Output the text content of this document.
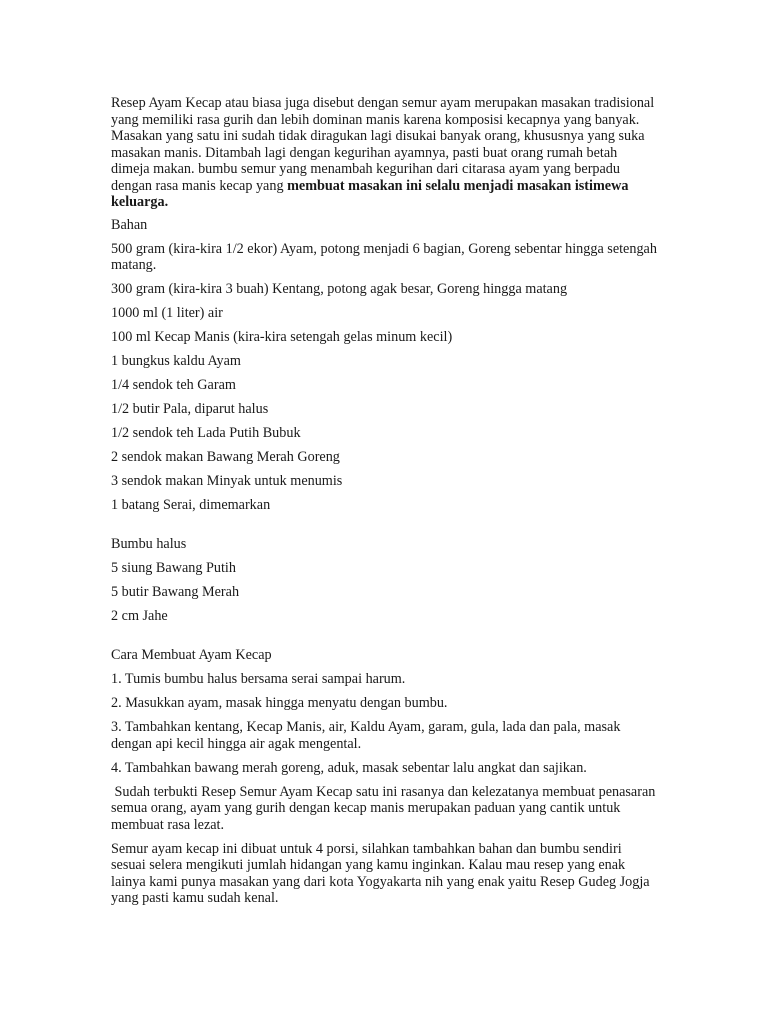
Resep Ayam Kecap atau biasa juga disebut dengan semur ayam merupakan masakan tradisional yang memiliki rasa gurih dan lebih dominan manis karena komposisi kecapnya yang banyak. Masakan yang satu ini sudah tidak diragukan lagi disukai banyak orang, khususnya yang suka masakan manis. Ditambah lagi dengan kegurihan ayamnya, pasti buat orang rumah betah dimeja makan. bumbu semur yang menambah kegurihan dari citarasa ayam yang berpadu dengan rasa manis kecap yang membuat masakan ini selalu menjadi masakan istimewa keluarga.

Bahan

500 gram (kira-kira 1/2 ekor) Ayam, potong menjadi 6 bagian, Goreng sebentar hingga setengah matang.

300 gram (kira-kira 3 buah) Kentang, potong agak besar, Goreng hingga matang

1000 ml (1 liter) air

100 ml Kecap Manis (kira-kira setengah gelas minum kecil)

1 bungkus kaldu Ayam

1/4 sendok teh Garam

1/2 butir Pala, diparut halus

1/2 sendok teh Lada Putih Bubuk

2 sendok makan Bawang Merah Goreng

3 sendok makan Minyak untuk menumis

1 batang Serai, dimemarkan

Bumbu halus

5 siung Bawang Putih

5 butir Bawang Merah

2 cm Jahe

Cara Membuat Ayam Kecap

1. Tumis bumbu halus bersama serai sampai harum.

2. Masukkan ayam, masak hingga menyatu dengan bumbu.

3. Tambahkan kentang, Kecap Manis, air, Kaldu Ayam, garam, gula, lada dan pala, masak dengan api kecil hingga air agak mengental.

4. Tambahkan bawang merah goreng, aduk, masak sebentar lalu angkat dan sajikan.

Sudah terbukti Resep Semur Ayam Kecap satu ini rasanya dan kelezatanya membuat penasaran semua orang, ayam yang gurih dengan kecap manis merupakan paduan yang cantik untuk membuat rasa lezat.

Semur ayam kecap ini dibuat untuk 4 porsi, silahkan tambahkan bahan dan bumbu sendiri sesuai selera mengikuti jumlah hidangan yang kamu inginkan. Kalau mau resep yang enak lainya kami punya masakan yang dari kota Yogyakarta nih yang enak yaitu Resep Gudeg Jogja yang pasti kamu sudah kenal.
